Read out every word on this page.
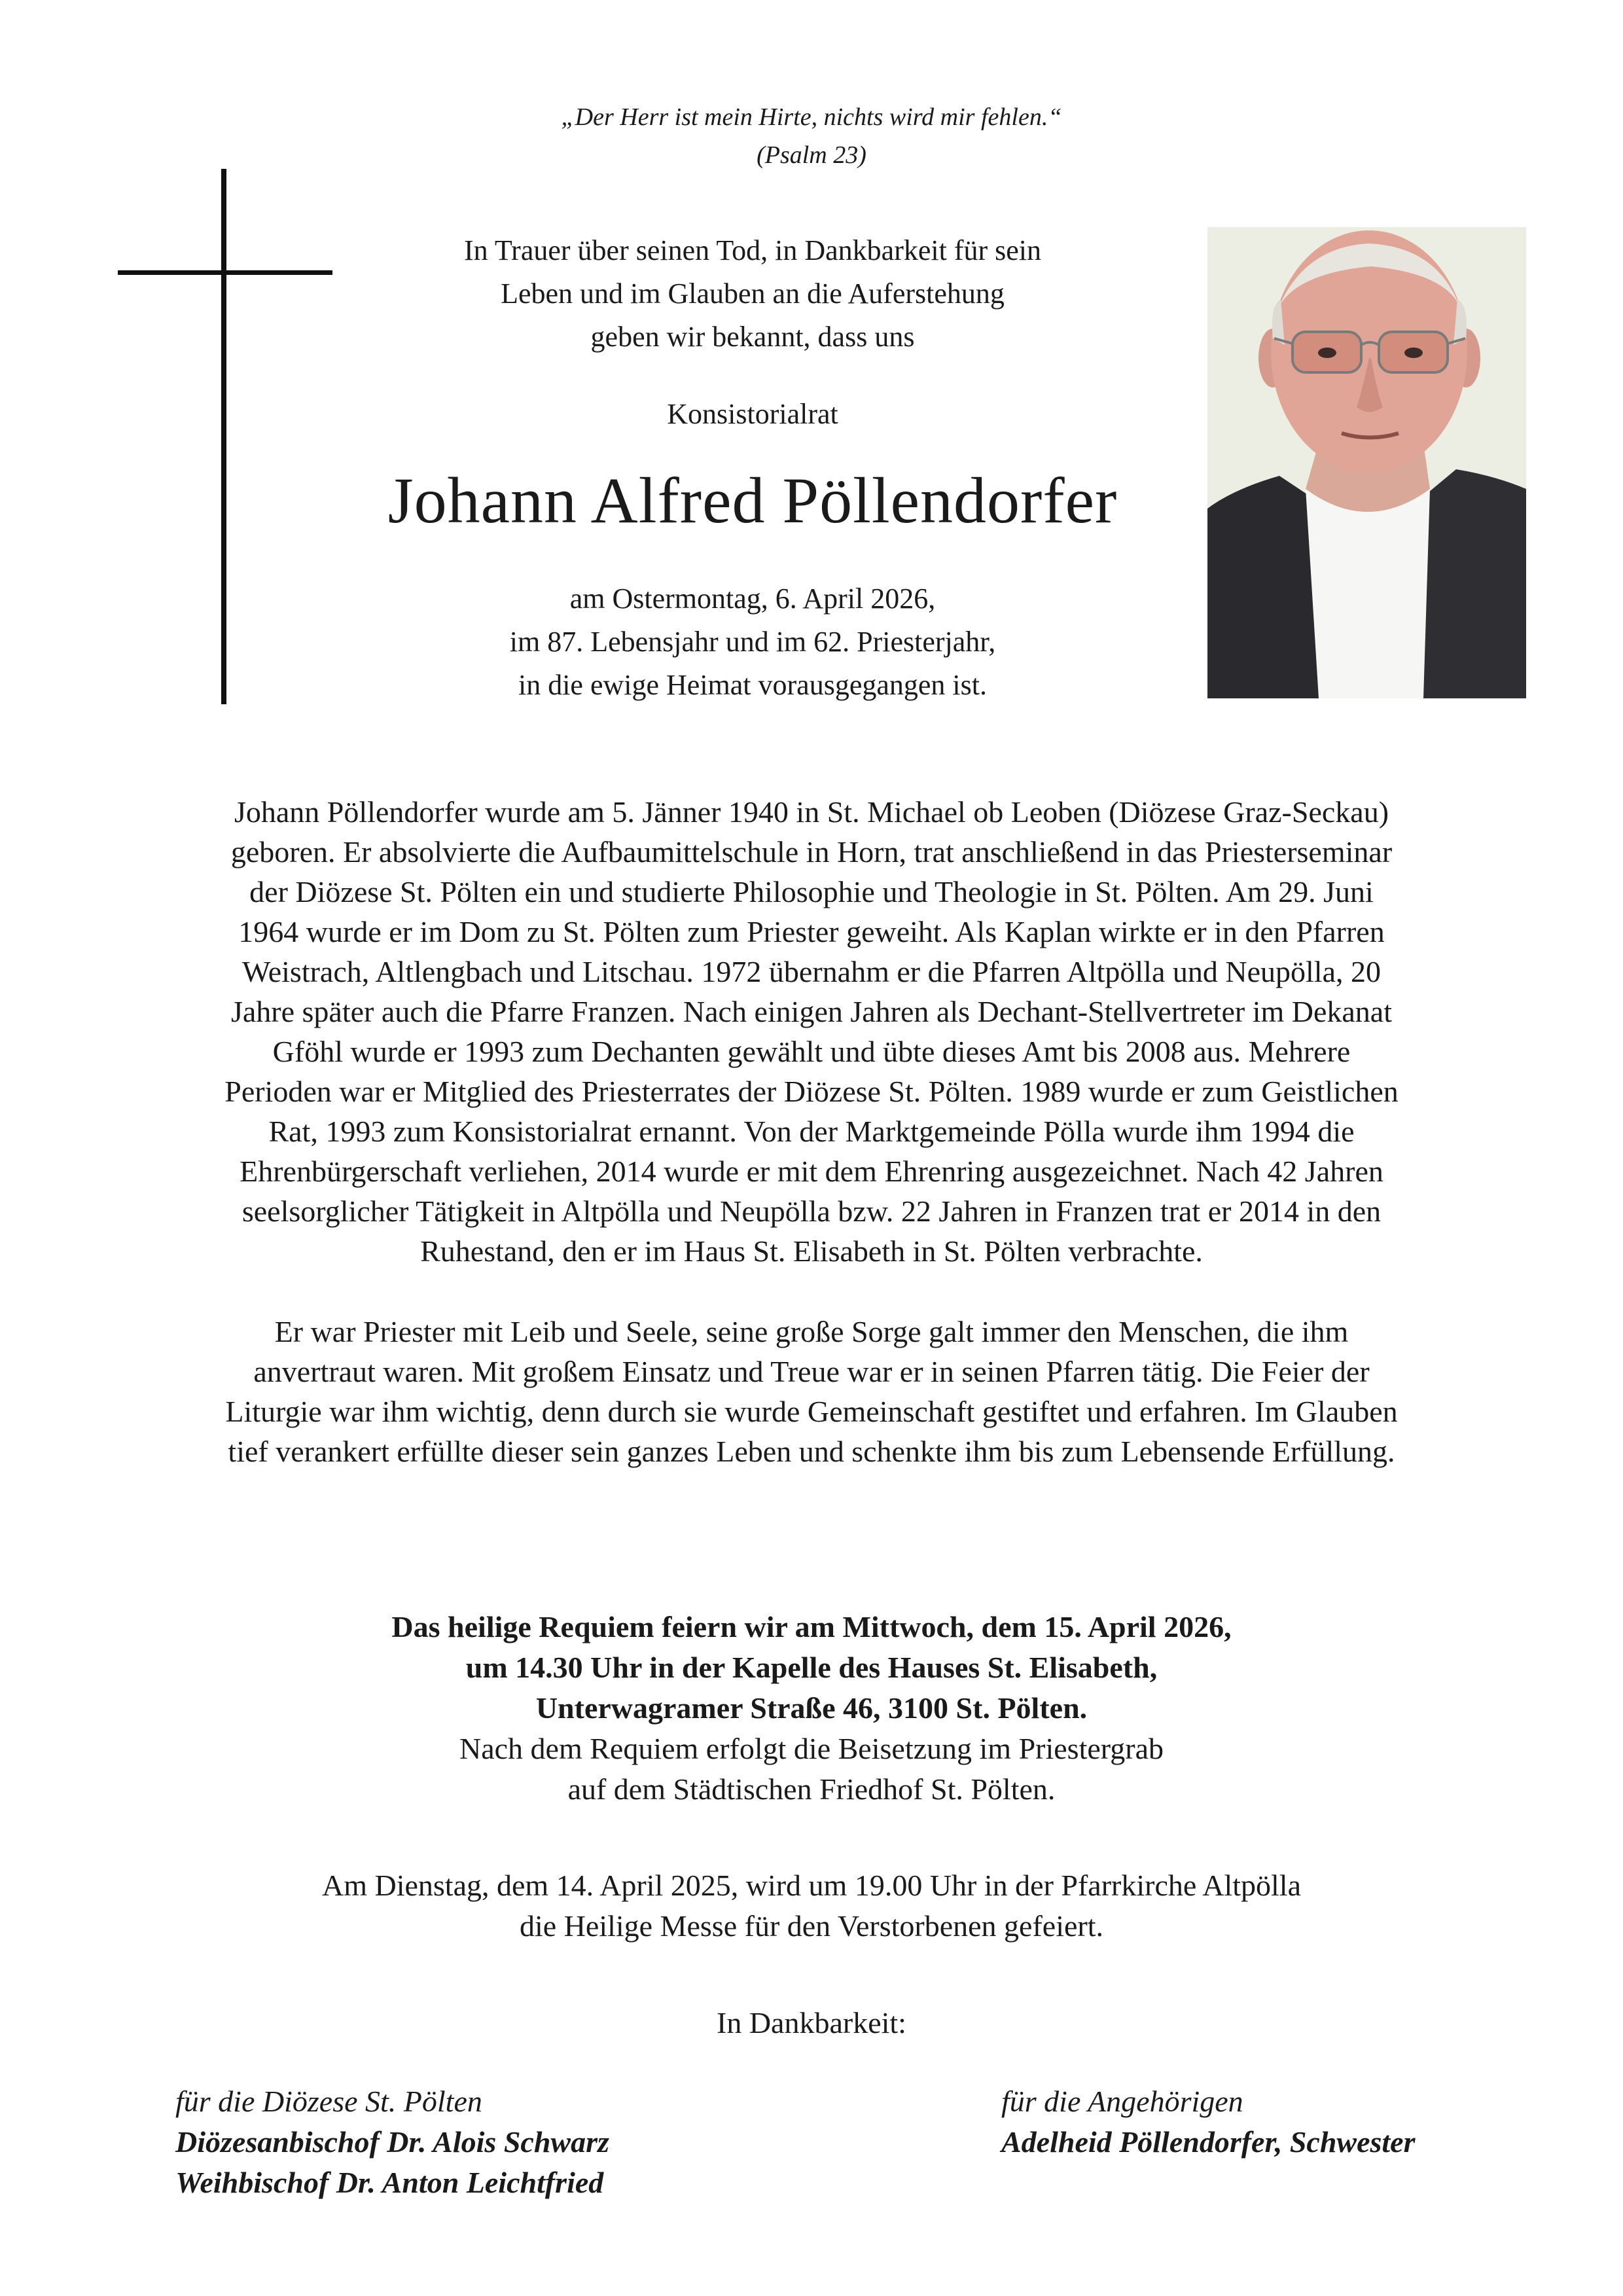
„Der Herr ist mein Hirte, nichts wird mir fehlen.“
(Psalm 23)
In Trauer über seinen Tod, in Dankbarkeit für sein
Leben und im Glauben an die Auferstehung
geben wir bekannt, dass uns
Konsistorialrat
Johann Alfred Pöllendorfer
am Ostermontag, 6. April 2026,
im 87. Lebensjahr und im 62. Priesterjahr,
in die ewige Heimat vorausgegangen ist.

Johann Pöllendorfer wurde am 5. Jänner 1940 in St. Michael ob Leoben (Diözese Graz-Seckau)
geboren. Er absolvierte die Aufbaumittelschule in Horn, trat anschließend in das Priesterseminar
der Diözese St. Pölten ein und studierte Philosophie und Theologie in St. Pölten. Am 29. Juni
1964 wurde er im Dom zu St. Pölten zum Priester geweiht. Als Kaplan wirkte er in den Pfarren
Weistrach, Altlengbach und Litschau. 1972 übernahm er die Pfarren Altpölla und Neupölla, 20
Jahre später auch die Pfarre Franzen. Nach einigen Jahren als Dechant-Stellvertreter im Dekanat
Gföhl wurde er 1993 zum Dechanten gewählt und übte dieses Amt bis 2008 aus. Mehrere
Perioden war er Mitglied des Priesterrates der Diözese St. Pölten. 1989 wurde er zum Geistlichen
Rat, 1993 zum Konsistorialrat ernannt. Von der Marktgemeinde Pölla wurde ihm 1994 die
Ehrenbürgerschaft verliehen, 2014 wurde er mit dem Ehrenring ausgezeichnet. Nach 42 Jahren
seelsorglicher Tätigkeit in Altpölla und Neupölla bzw. 22 Jahren in Franzen trat er 2014 in den
Ruhestand, den er im Haus St. Elisabeth in St. Pölten verbrachte.

Er war Priester mit Leib und Seele, seine große Sorge galt immer den Menschen, die ihm
anvertraut waren. Mit großem Einsatz und Treue war er in seinen Pfarren tätig. Die Feier der
Liturgie war ihm wichtig, denn durch sie wurde Gemeinschaft gestiftet und erfahren. Im Glauben
tief verankert erfüllte dieser sein ganzes Leben und schenkte ihm bis zum Lebensende Erfüllung.

Das heilige Requiem feiern wir am Mittwoch, dem 15. April 2026,
um 14.30 Uhr in der Kapelle des Hauses St. Elisabeth,
Unterwagramer Straße 46, 3100 St. Pölten.
Nach dem Requiem erfolgt die Beisetzung im Priestergrab
auf dem Städtischen Friedhof St. Pölten.
Am Dienstag, dem 14. April 2025, wird um 19.00 Uhr in der Pfarrkirche Altpölla
die Heilige Messe für den Verstorbenen gefeiert.
In Dankbarkeit:
für die Diözese St. Pölten
Diözesanbischof Dr. Alois Schwarz
Weihbischof Dr. Anton Leichtfried
für die Angehörigen
Adelheid Pöllendorfer, Schwester
